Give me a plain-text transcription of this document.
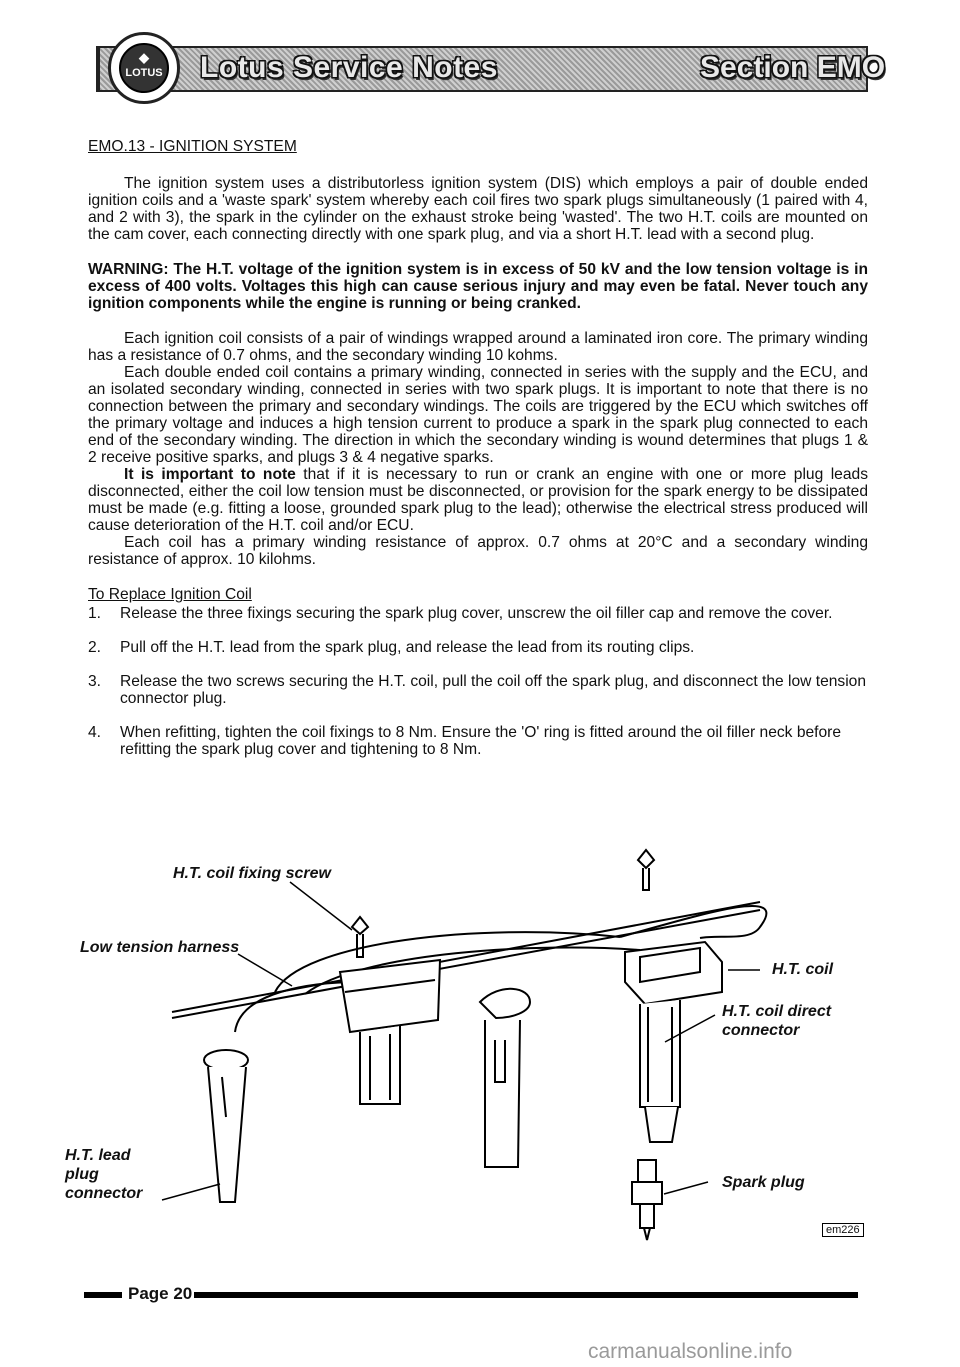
◆
LOTUS Lotus Service Notes	Section EMO
EMO.13 - IGNITION SYSTEM

The ignition system uses a distributorless ignition system (DIS) which employs a pair of double ended ignition coils and a 'waste spark' system whereby each coil fires two spark plugs simultaneously (1 paired with 4, and 2 with 3), the spark in the cylinder on the exhaust stroke being 'wasted'. The two H.T. coils are mounted on the cam cover, each connecting directly with one spark plug, and via a short H.T. lead with a second plug.

WARNING: The H.T. voltage of the ignition system is in excess of 50 kV and the low tension voltage is in excess of 400 volts. Voltages this high can cause serious injury and may even be fatal. Never touch any ignition components while the engine is running or being cranked.

Each ignition coil consists of a pair of windings wrapped around a laminated iron core. The primary winding has a resistance of 0.7 ohms, and the secondary winding 10 kohms.

Each double ended coil contains a primary winding, connected in series with the supply and the ECU, and an isolated secondary winding, connected in series with two spark plugs. It is important to note that there is no connection between the primary and secondary windings. The coils are triggered by the ECU which switches off the primary voltage and induces a high tension current to produce a spark in the spark plug connected to each end of the secondary winding. The direction in which the secondary winding is wound determines that plugs 1 & 2 receive positive sparks, and plugs 3 & 4 negative sparks.

It is important to note that if it is necessary to run or crank an engine with one or more plug leads disconnected, either the coil low tension must be disconnected, or provision for the spark energy to be dissipated must be made (e.g. fitting a loose, grounded spark plug to the lead); otherwise the electrical stress produced will cause deterioration of the H.T. coil and/or ECU.

Each coil has a primary winding resistance of approx. 0.7 ohms at 20°C and a secondary winding resistance of approx. 10 kilohms.

To Replace Ignition Coil
1. Release the three fixings securing the spark plug cover, unscrew the oil filler cap and remove the cover.
2. Pull off the H.T. lead from the spark plug, and release the lead from its routing clips.
3. Release the two screws securing the H.T. coil, pull the coil off the spark plug, and disconnect the low tension connector plug.
4. When refitting, tighten the coil fixings to 8 Nm. Ensure the 'O' ring is fitted around the oil filler neck before refitting the spark plug cover and tightening to 8 Nm.
H.T. coil fixing screw
Low tension harness
H.T. coil
H.T. coil direct connector
Spark plug
H.T. lead plug connector
em226
Page 20
carmanualsonline.info
